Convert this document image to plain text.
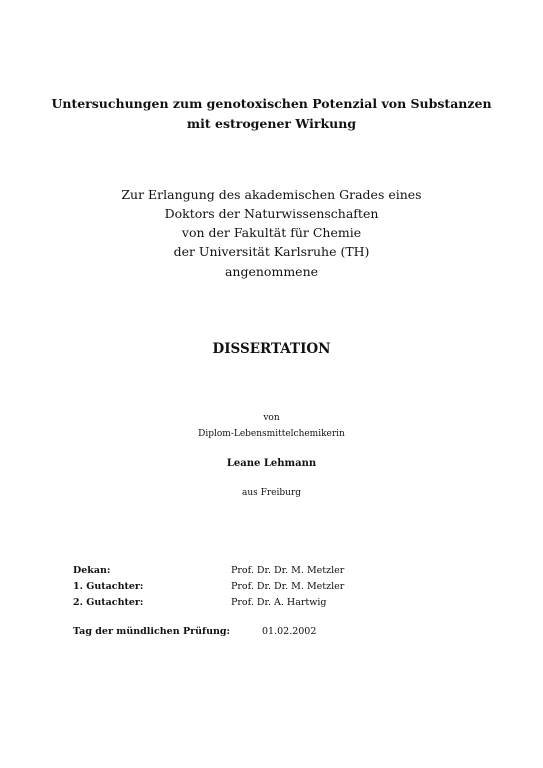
Untersuchungen zum genotoxischen Potenzial von Substanzen
mit estrogener Wirkung
Zur Erlangung des akademischen Grades eines
Doktors der Naturwissenschaften
von der Fakultät für Chemie
der Universität Karlsruhe (TH)
angenommene
DISSERTATION
von
Diplom-Lebensmittelchemikerin
Leane Lehmann
aus Freiburg
Dekan:	Prof. Dr. Dr. M. Metzler
1. Gutachter:	Prof. Dr. Dr. M. Metzler
2. Gutachter:	Prof. Dr. A. Hartwig
Tag der mündlichen Prüfung:	01.02.2002
